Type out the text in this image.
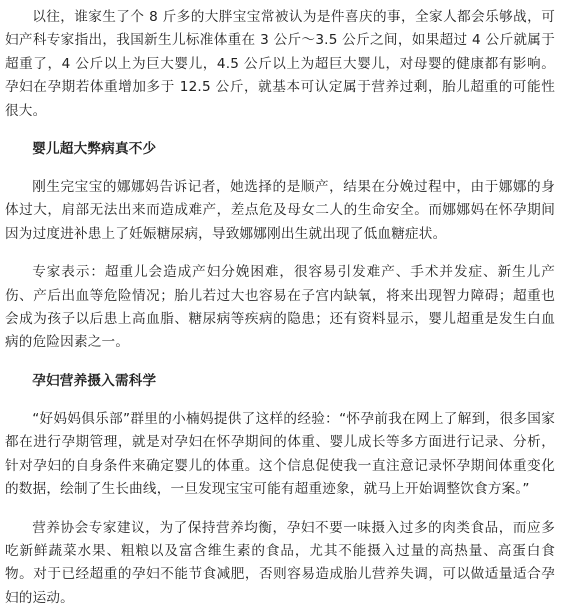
以往，谁家生了个 8 斤多的大胖宝宝常被认为是件喜庆的事，全家人都会乐够战，可妇产科专家指出，我国新生儿标准体重在 3 公斤～3.5 公斤之间，如果超过 4 公斤就属于超重了，4 公斤以上为巨大婴儿，4.5 公斤以上为超巨大婴儿，对母婴的健康都有影响。孕妇在孕期若体重增加多于 12.5 公斤，就基本可认定属于营养过剩，胎儿超重的可能性很大。

婴儿超大弊病真不少

刚生完宝宝的娜娜妈告诉记者，她选择的是顺产，结果在分娩过程中，由于娜娜的身体过大，肩部无法出来而造成难产，差点危及母女二人的生命安全。而娜娜妈在怀孕期间因为过度进补患上了妊娠糖尿病，导致娜娜刚出生就出现了低血糖症状。

专家表示：超重儿会造成产妇分娩困难，很容易引发难产、手术并发症、新生儿产伤、产后出血等危险情况；胎儿若过大也容易在子宫内缺氧，将来出现智力障碍；超重也会成为孩子以后患上高血脂、糖尿病等疾病的隐患；还有资料显示，婴儿超重是发生白血病的危险因素之一。

孕妇营养摄入需科学

“好妈妈俱乐部”群里的小楠妈提供了这样的经验：“怀孕前我在网上了解到，很多国家都在进行孕期管理，就是对孕妇在怀孕期间的体重、婴儿成长等多方面进行记录、分析，针对孕妇的自身条件来确定婴儿的体重。这个信息促使我一直注意记录怀孕期间体重变化的数据，绘制了生长曲线，一旦发现宝宝可能有超重迹象，就马上开始调整饮食方案。”

营养协会专家建议，为了保持营养均衡，孕妇不要一味摄入过多的肉类食品，而应多吃新鲜蔬菜水果、粗粮以及富含维生素的食品，尤其不能摄入过量的高热量、高蛋白食物。对于已经超重的孕妇不能节食减肥，否则容易造成胎儿营养失调，可以做适量适合孕妇的运动。
